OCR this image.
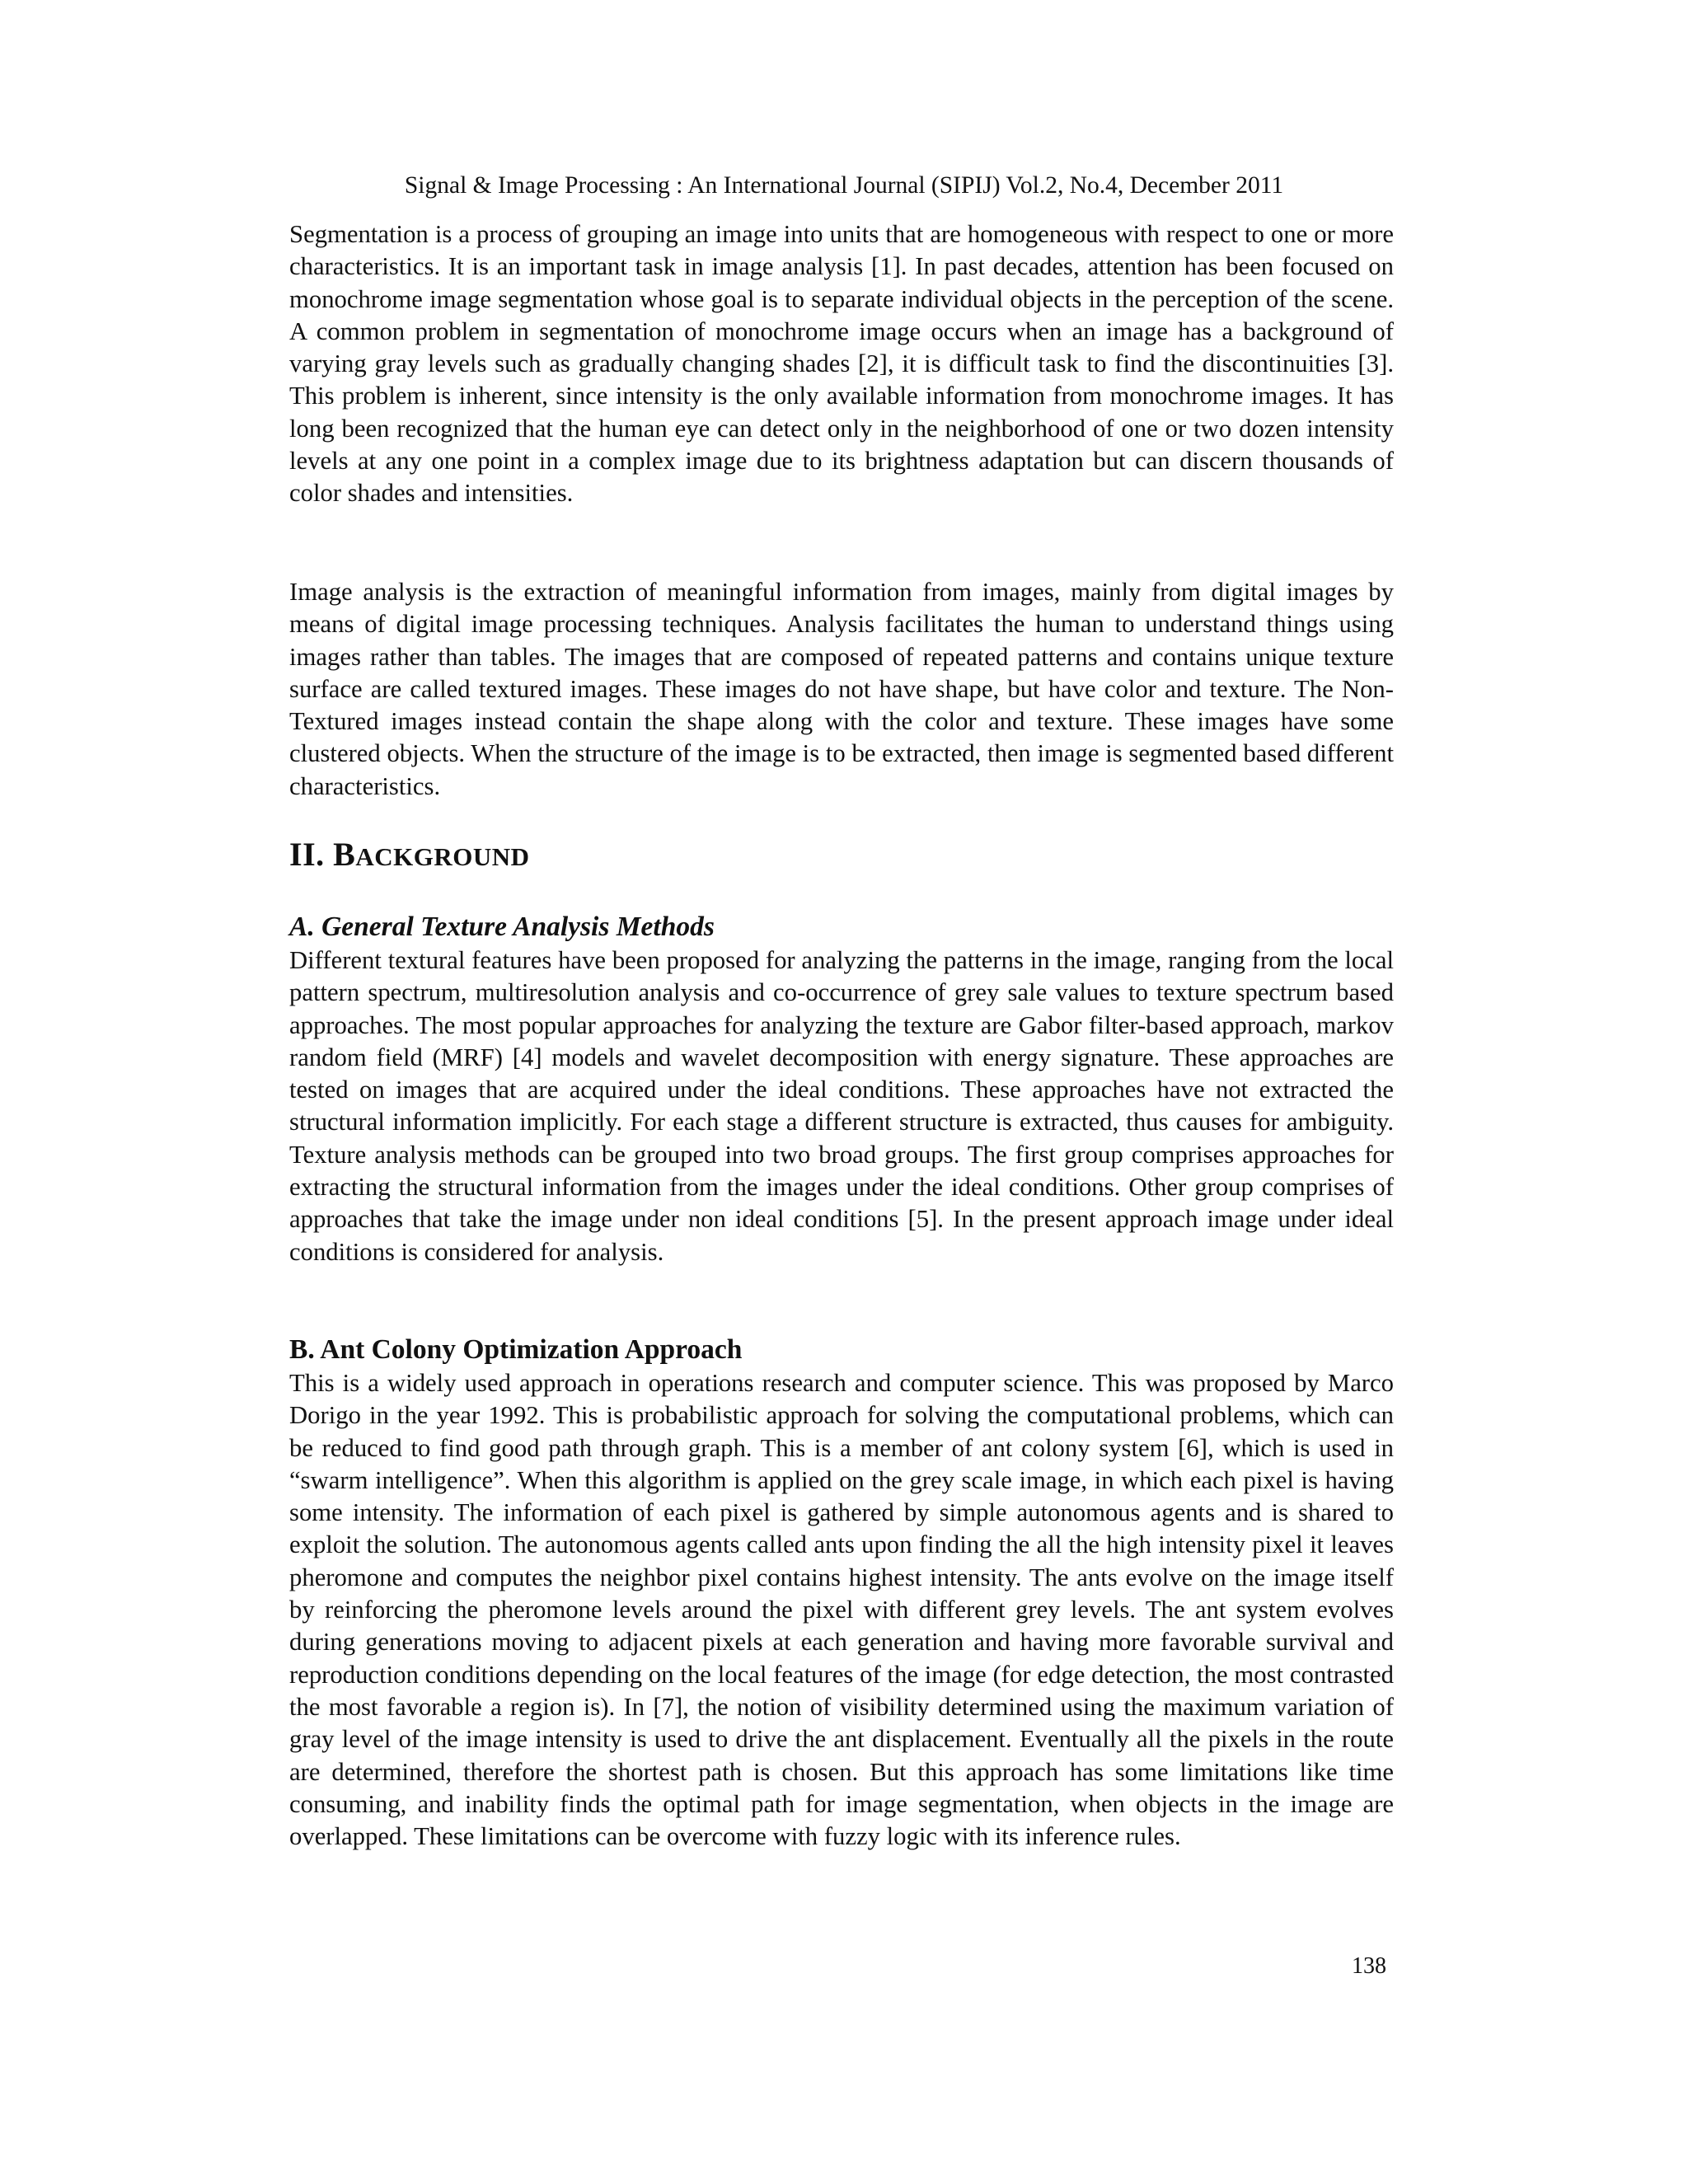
Signal & Image Processing : An International Journal (SIPIJ) Vol.2, No.4, December 2011

Segmentation is a process of grouping an image into units that are homogeneous with respect to one or more characteristics. It is an important task in image analysis [1]. In past decades, attention has been focused on monochrome image segmentation whose goal is to separate individual objects in the perception of the scene. A common problem in segmentation of monochrome image occurs when an image has a background of varying gray levels such as gradually changing shades [2], it is difficult task to find the discontinuities [3]. This problem is inherent, since intensity is the only available information from monochrome images. It has long been recognized that the human eye can detect only in the neighborhood of one or two dozen intensity levels at any one point in a complex image due to its brightness adaptation but can discern thousands of color shades and intensities.

Image analysis is the extraction of meaningful information from images, mainly from digital images by means of digital image processing techniques. Analysis facilitates the human to understand things using images rather than tables. The images that are composed of repeated patterns and contains unique texture surface are called textured images. These images do not have shape, but have color and texture. The Non-Textured images instead contain the shape along with the color and texture. These images have some clustered objects. When the structure of the image is to be extracted, then image is segmented based different characteristics.

II. BACKGROUND
A. General Texture Analysis Methods

Different textural features have been proposed for analyzing the patterns in the image, ranging from the local pattern spectrum, multiresolution analysis and co-occurrence of grey sale values to texture spectrum based approaches. The most popular approaches for analyzing the texture are Gabor filter-based approach, markov random field (MRF) [4] models and wavelet decomposition with energy signature. These approaches are tested on images that are acquired under the ideal conditions. These approaches have not extracted the structural information implicitly. For each stage a different structure is extracted, thus causes for ambiguity. Texture analysis methods can be grouped into two broad groups. The first group comprises approaches for extracting the structural information from the images under the ideal conditions. Other group comprises of approaches that take the image under non ideal conditions [5]. In the present approach image under ideal conditions is considered for analysis.

B. Ant Colony Optimization Approach

This is a widely used approach in operations research and computer science. This was proposed by Marco Dorigo in the year 1992. This is probabilistic approach for solving the computational problems, which can be reduced to find good path through graph. This is a member of ant colony system [6], which is used in “swarm intelligence”. When this algorithm is applied on the grey scale image, in which each pixel is having some intensity. The information of each pixel is gathered by simple autonomous agents and is shared to exploit the solution. The autonomous agents called ants upon finding the all the high intensity pixel it leaves pheromone and computes the neighbor pixel contains highest intensity. The ants evolve on the image itself by reinforcing the pheromone levels around the pixel with different grey levels. The ant system evolves during generations moving to adjacent pixels at each generation and having more favorable survival and reproduction conditions depending on the local features of the image (for edge detection, the most contrasted the most favorable a region is). In [7], the notion of visibility determined using the maximum variation of gray level of the image intensity is used to drive the ant displacement. Eventually all the pixels in the route are determined, therefore the shortest path is chosen. But this approach has some limitations like time consuming, and inability finds the optimal path for image segmentation, when objects in the image are overlapped. These limitations can be overcome with fuzzy logic with its inference rules.

138
